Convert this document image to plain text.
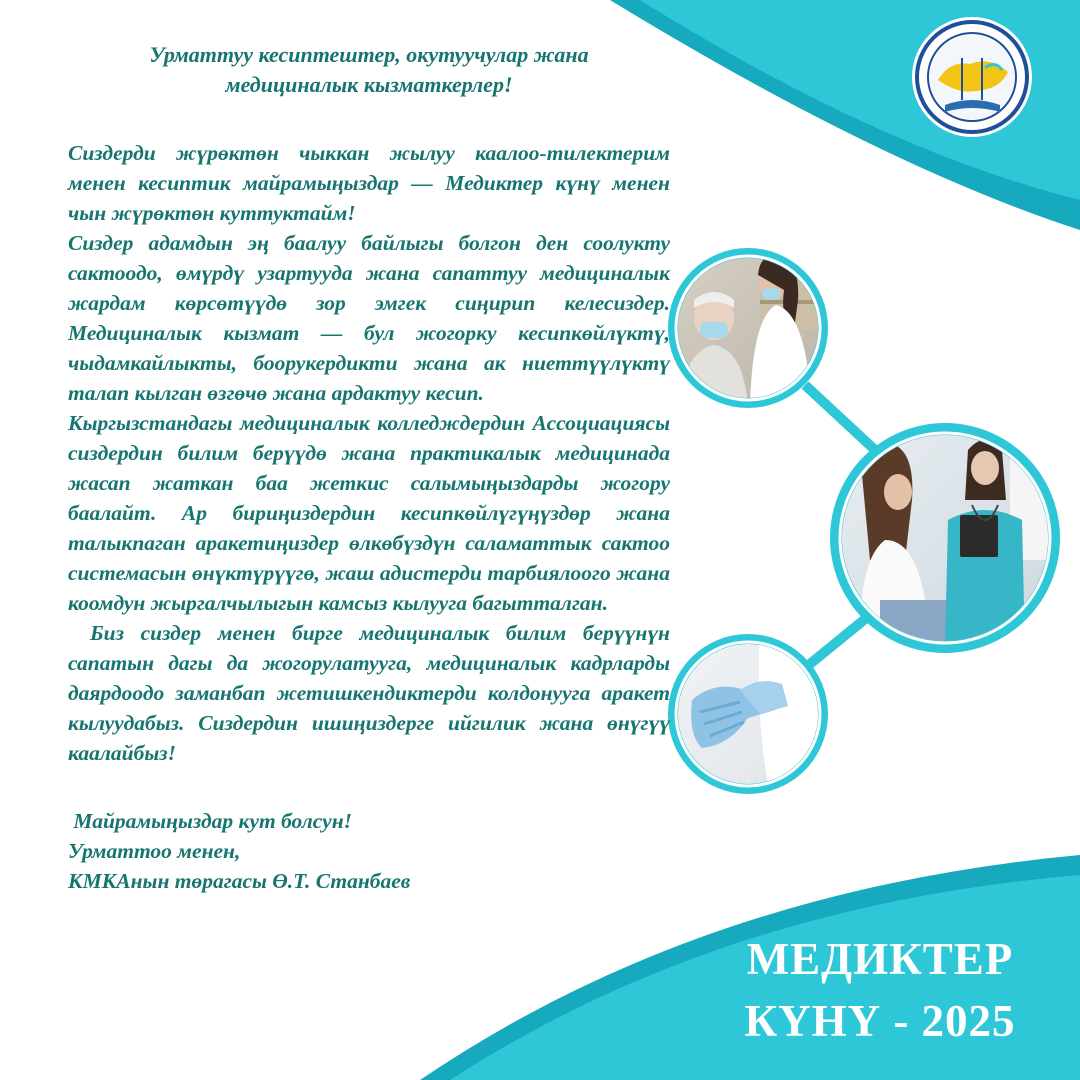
Урматтуу кесиптештер, окутуучулар жана
медициналык кызматкерлер!

Сиздерди жүрөктөн чыккан жылуу каалоо-тилектерим менен кесиптик майрамыңыздар — Медиктер күнү менен чын жүрөктөн куттуктайм!

Сиздер адамдын эң баалуу байлыгы болгон ден соолукту сактоодо, өмүрдү узартууда жана сапаттуу медициналык жардам көрсөтүүдө зор эмгек сиңирип келесиздер. Медициналык кызмат — бул жогорку кесипкөйлүктү, чыдамкайлыкты, боорукердикти жана ак ниеттүүлүктү талап кылган өзгөчө жана ардактуу кесип.

Кыргызстандагы медициналык колледждердин Ассоциациясы сиздердин билим берүүдө жана практикалык медицинада жасап жаткан баа жеткис салымыңыздарды жогору баалайт. Ар бириңиздердин кесипкөйлүгүңүздөр жана талыкпаган аракетиңиздер өлкөбүздүн саламаттык сактоо системасын өнүктүрүүгө, жаш адистерди тарбиялоого жана коомдун жыргалчылыгын камсыз кылууга багытталган.

Биз сиздер менен бирге медициналык билим берүүнүн сапатын дагы да жогорулатууга, медициналык кадрларды даярдоодо заманбап жетишкендиктерди колдонууга аракет кылуудабыз. Сиздердин ишиңиздерге ийгилик жана өнүгүү каалайбыз!

Майрамыңыздар кут болсун!
Урматтоо менен,
КМКАнын төрагасы Ө.Т. Станбаев
МЕДИКТЕР
КҮНҮ - 2025
